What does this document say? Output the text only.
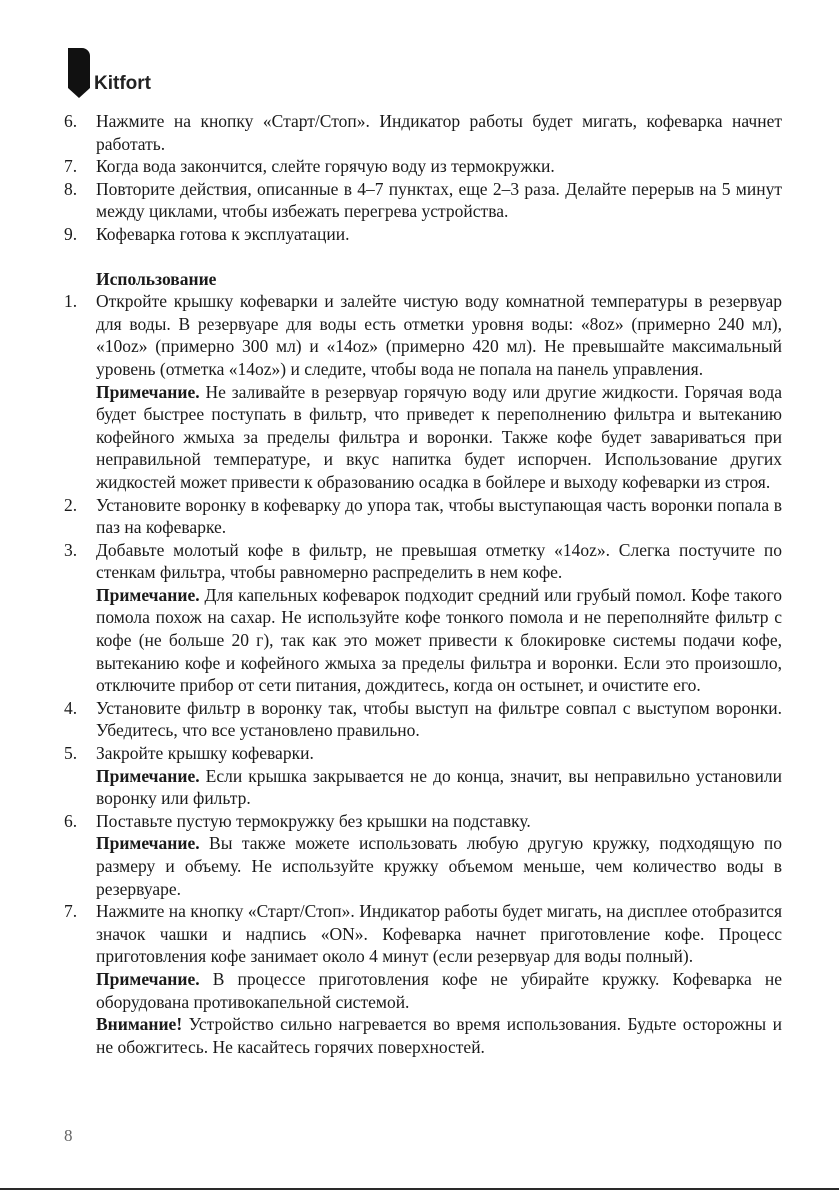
Kitfort
6. Нажмите на кнопку «Старт/Стоп». Индикатор работы будет мигать, кофеварка начнет работать.
7. Когда вода закончится, слейте горячую воду из термокружки.
8. Повторите действия, описанные в 4–7 пунктах, еще 2–3 раза. Делайте перерыв на 5 минут между циклами, чтобы избежать перегрева устройства.
9. Кофеварка готова к эксплуатации.
Использование
1. Откройте крышку кофеварки и залейте чистую воду комнатной температуры в резервуар для воды. В резервуаре для воды есть отметки уровня воды: «8oz» (примерно 240 мл), «10oz» (примерно 300 мл) и «14oz» (примерно 420 мл). Не превышайте максимальный уровень (отметка «14oz») и следите, чтобы вода не попала на панель управления.

Примечание. Не заливайте в резервуар горячую воду или другие жидкости. Горячая вода будет быстрее поступать в фильтр, что приведет к переполнению фильтра и вытеканию кофейного жмыха за пределы фильтра и воронки. Также кофе будет завариваться при неправильной температуре, и вкус напитка будет испорчен. Использование других жидкостей может привести к образованию осадка в бойлере и выходу кофеварки из строя.

2. Установите воронку в кофеварку до упора так, чтобы выступающая часть воронки попала в паз на кофеварке.
3. Добавьте молотый кофе в фильтр, не превышая отметку «14oz». Слегка постучите по стенкам фильтра, чтобы равномерно распределить в нем кофе.

Примечание. Для капельных кофеварок подходит средний или грубый помол. Кофе такого помола похож на сахар. Не используйте кофе тонкого помола и не переполняйте фильтр с кофе (не больше 20 г), так как это может привести к блокировке системы подачи кофе, вытеканию кофе и кофейного жмыха за пределы фильтра и воронки. Если это произошло, отключите прибор от сети питания, дождитесь, когда он остынет, и очистите его.

4. Установите фильтр в воронку так, чтобы выступ на фильтре совпал с выступом воронки. Убедитесь, что все установлено правильно.
5. Закройте крышку кофеварки.

Примечание. Если крышка закрывается не до конца, значит, вы неправильно установили воронку или фильтр.

6. Поставьте пустую термокружку без крышки на подставку.

Примечание. Вы также можете использовать любую другую кружку, подходящую по размеру и объему. Не используйте кружку объемом меньше, чем количество воды в резервуаре.

7. Нажмите на кнопку «Старт/Стоп». Индикатор работы будет мигать, на дисплее отобразится значок чашки и надпись «ON». Кофеварка начнет приготовление кофе. Процесс приготовления кофе занимает около 4 минут (если резервуар для воды полный).

Примечание. В процессе приготовления кофе не убирайте кружку. Кофеварка не оборудована противокапельной системой.

Внимание! Устройство сильно нагревается во время использования. Будьте осторожны и не обожгитесь. Не касайтесь горячих поверхностей.

8
